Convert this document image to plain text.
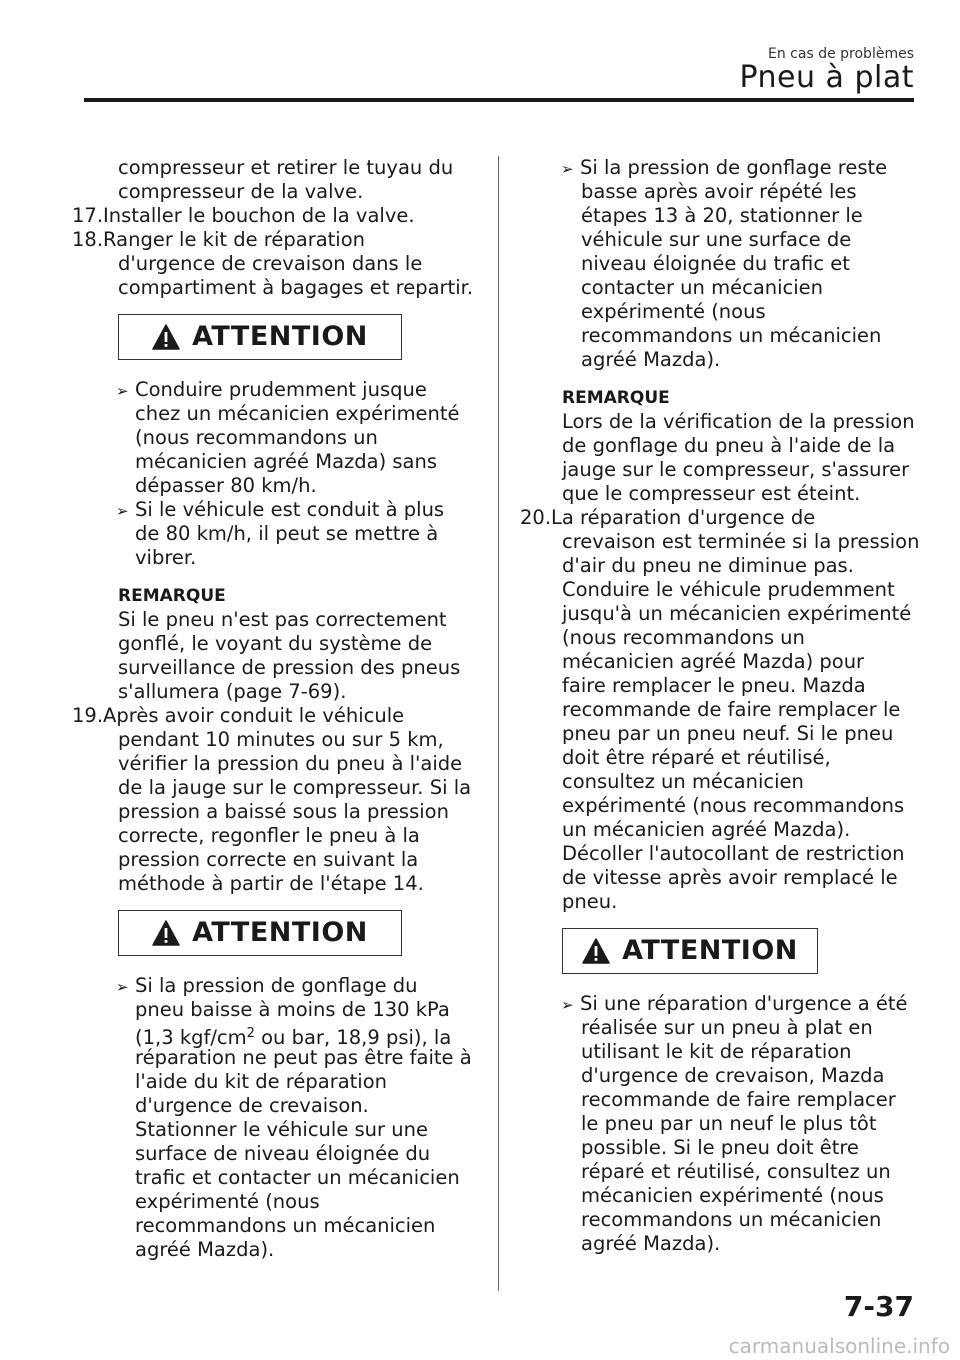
En cas de problèmes
Pneu à plat
compresseur et retirer le tuyau du
compresseur de la valve.
17.Installer le bouchon de la valve.
18.Ranger le kit de réparation
d'urgence de crevaison dans le
compartiment à bagages et repartir.
ATTENTION
➢ Conduire prudemment jusque
chez un mécanicien expérimenté
(nous recommandons un
mécanicien agréé Mazda) sans
dépasser 80 km/h.
➢ Si le véhicule est conduit à plus
de 80 km/h, il peut se mettre à
vibrer.
REMARQUE
Si le pneu n'est pas correctement
gonflé, le voyant du système de
surveillance de pression des pneus
s'allumera (page 7-69).
19.Après avoir conduit le véhicule
pendant 10 minutes ou sur 5 km,
vérifier la pression du pneu à l'aide
de la jauge sur le compresseur. Si la
pression a baissé sous la pression
correcte, regonfler le pneu à la
pression correcte en suivant la
méthode à partir de l'étape 14.
ATTENTION
➢ Si la pression de gonflage du
pneu baisse à moins de 130 kPa
(1,3 kgf/$cm^2$ ou bar, 18,9 psi), la
réparation ne peut pas être faite à
l'aide du kit de réparation
d'urgence de crevaison.
Stationner le véhicule sur une
surface de niveau éloignée du
trafic et contacter un mécanicien
expérimenté (nous
recommandons un mécanicien
agréé Mazda).
➢ Si la pression de gonflage reste
basse après avoir répété les
étapes 13 à 20, stationner le
véhicule sur une surface de
niveau éloignée du trafic et
contacter un mécanicien
expérimenté (nous
recommandons un mécanicien
agréé Mazda).
REMARQUE
Lors de la vérification de la pression
de gonflage du pneu à l'aide de la
jauge sur le compresseur, s'assurer
que le compresseur est éteint.
20.La réparation d'urgence de
crevaison est terminée si la pression
d'air du pneu ne diminue pas.
Conduire le véhicule prudemment
jusqu'à un mécanicien expérimenté
(nous recommandons un
mécanicien agréé Mazda) pour
faire remplacer le pneu. Mazda
recommande de faire remplacer le
pneu par un pneu neuf. Si le pneu
doit être réparé et réutilisé,
consultez un mécanicien
expérimenté (nous recommandons
un mécanicien agréé Mazda).
Décoller l'autocollant de restriction
de vitesse après avoir remplacé le
pneu.
ATTENTION
➢ Si une réparation d'urgence a été
réalisée sur un pneu à plat en
utilisant le kit de réparation
d'urgence de crevaison, Mazda
recommande de faire remplacer
le pneu par un neuf le plus tôt
possible. Si le pneu doit être
réparé et réutilisé, consultez un
mécanicien expérimenté (nous
recommandons un mécanicien
agréé Mazda).
7-37
carmanualsonline.info
